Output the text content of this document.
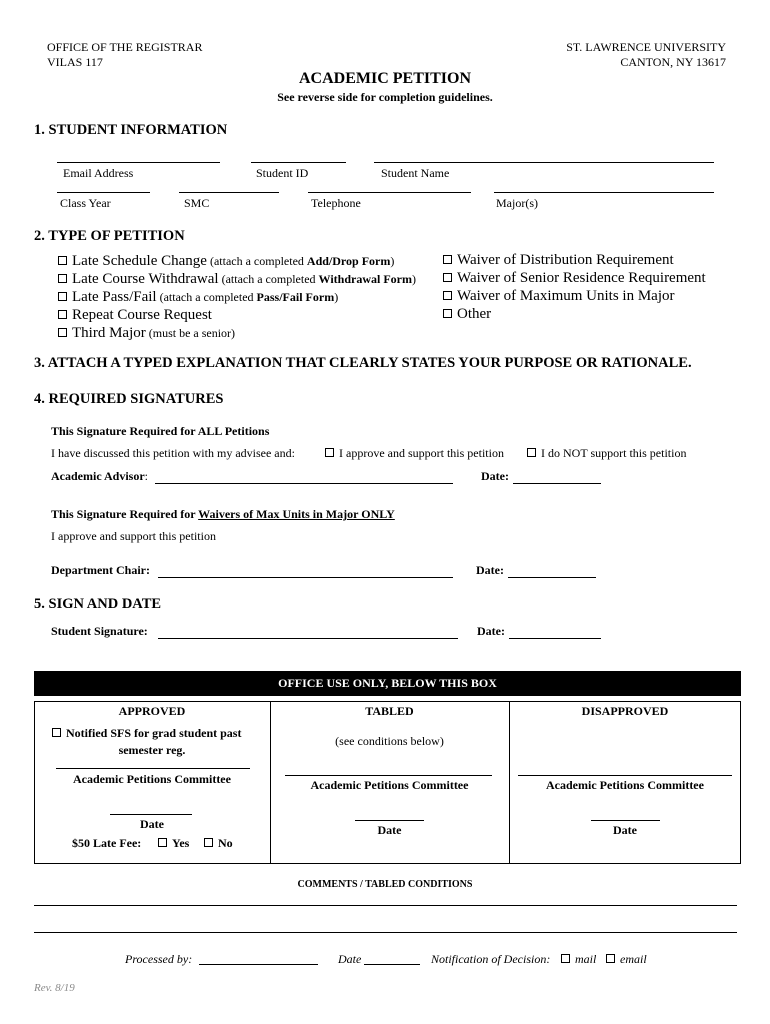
OFFICE OF THE REGISTRAR
VILAS 117
ST. LAWRENCE UNIVERSITY
CANTON, NY 13617
ACADEMIC PETITION
See reverse side for completion guidelines.
1. STUDENT INFORMATION
Email Address	Student ID	Student Name
Class Year	SMC	Telephone	Major(s)
2. TYPE OF PETITION
Late Schedule Change (attach a completed Add/Drop Form)
Late Course Withdrawal (attach a completed Withdrawal Form)
Late Pass/Fail (attach a completed Pass/Fail Form)
Repeat Course Request
Third Major (must be a senior)
Waiver of Distribution Requirement
Waiver of Senior Residence Requirement
Waiver of Maximum Units in Major
Other
3. ATTACH A TYPED EXPLANATION THAT CLEARLY STATES YOUR PURPOSE OR RATIONALE.
4. REQUIRED SIGNATURES
This Signature Required for ALL Petitions
I have discussed this petition with my advisee and:	I approve and support this petition	I do NOT support this petition
Academic Advisor:	Date:
This Signature Required for Waivers of Max Units in Major ONLY
I approve and support this petition
Department Chair:	Date:
5. SIGN AND DATE
Student Signature:	Date:
OFFICE USE ONLY, BELOW THIS BOX
APPROVED
Notified SFS for grad student past
semester reg.
Academic Petitions Committee
Date
$50 Late Fee:	Yes	No
TABLED
(see conditions below)
Academic Petitions Committee
Date
DISAPPROVED
Academic Petitions Committee
Date
COMMENTS / TABLED CONDITIONS
Processed by:	Date	Notification of Decision:	mail	email
Rev. 8/19
